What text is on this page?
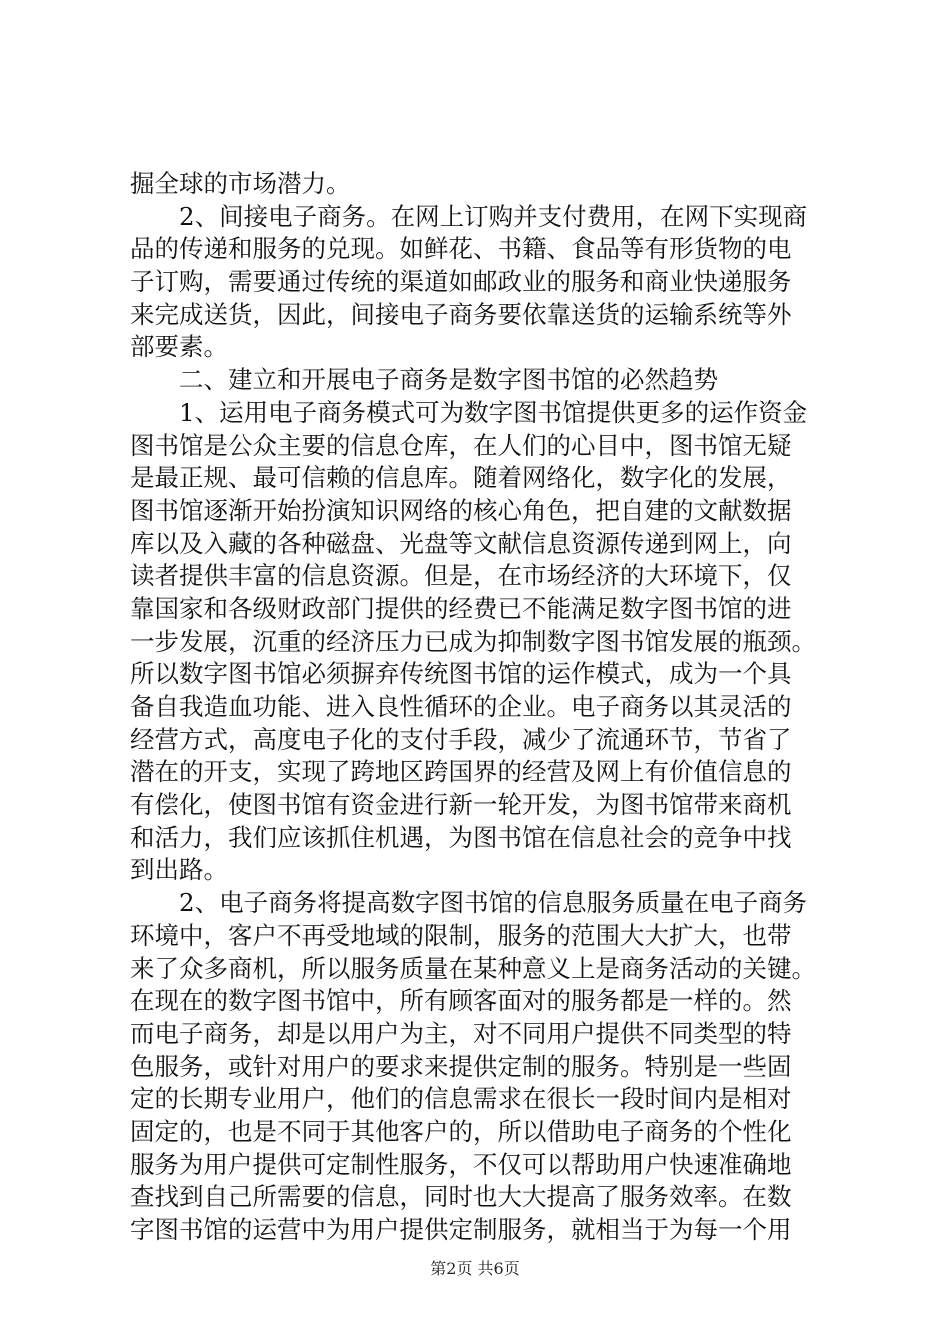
掘全球的市场潜力。
2、间接电子商务。在网上订购并支付费用，在网下实现商
品的传递和服务的兑现。如鲜花、书籍、食品等有形货物的电
子订购，需要通过传统的渠道如邮政业的服务和商业快递服务
来完成送货，因此，间接电子商务要依靠送货的运输系统等外
部要素。
二、建立和开展电子商务是数字图书馆的必然趋势
1、运用电子商务模式可为数字图书馆提供更多的运作资金
图书馆是公众主要的信息仓库，在人们的心目中，图书馆无疑
是最正规、最可信赖的信息库。随着网络化，数字化的发展，
图书馆逐渐开始扮演知识网络的核心角色，把自建的文献数据
库以及入藏的各种磁盘、光盘等文献信息资源传递到网上，向
读者提供丰富的信息资源。但是，在市场经济的大环境下，仅
靠国家和各级财政部门提供的经费已不能满足数字图书馆的进
一步发展，沉重的经济压力已成为抑制数字图书馆发展的瓶颈。
所以数字图书馆必须摒弃传统图书馆的运作模式，成为一个具
备自我造血功能、进入良性循环的企业。电子商务以其灵活的
经营方式，高度电子化的支付手段，减少了流通环节，节省了
潜在的开支，实现了跨地区跨国界的经营及网上有价值信息的
有偿化，使图书馆有资金进行新一轮开发，为图书馆带来商机
和活力，我们应该抓住机遇，为图书馆在信息社会的竞争中找
到出路。
2、电子商务将提高数字图书馆的信息服务质量在电子商务
环境中，客户不再受地域的限制，服务的范围大大扩大，也带
来了众多商机，所以服务质量在某种意义上是商务活动的关键。
在现在的数字图书馆中，所有顾客面对的服务都是一样的。然
而电子商务，却是以用户为主，对不同用户提供不同类型的特
色服务，或针对用户的要求来提供定制的服务。特别是一些固
定的长期专业用户，他们的信息需求在很长一段时间内是相对
固定的，也是不同于其他客户的，所以借助电子商务的个性化
服务为用户提供可定制性服务，不仅可以帮助用户快速准确地
查找到自己所需要的信息，同时也大大提高了服务效率。在数
字图书馆的运营中为用户提供定制服务，就相当于为每一个用
第2页 共6页
